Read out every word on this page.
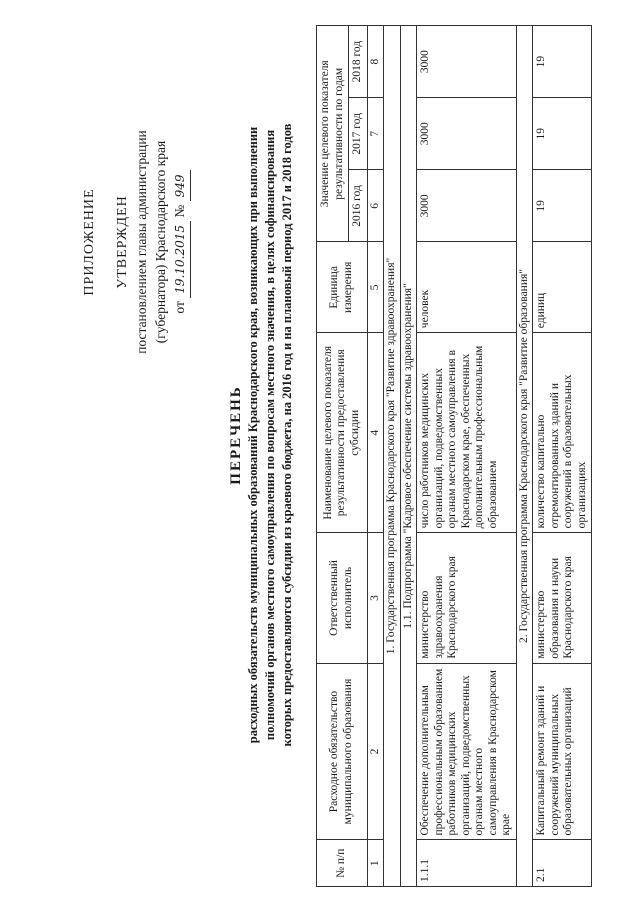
ПРИЛОЖЕНИЕ УТВЕРЖДЕН постановлением главы администрации (губернатора) Краснодарского края от 19.10.2015 № 949
ПЕРЕЧЕНЬ расходных обязательств муниципальных образований Краснодарского края, возникающих при выполнении полномочий органов местного самоуправления по вопросам местного значения, в целях софинансирования которых предоставляются субсидии из краевого бюджета, на 2016 год и на плановый период 2017 и 2018 годов
№ п/п	Расходное обязательство муниципального образования	Ответственный исполнитель	Наименование целевого показателя результативности предоставления субсидии	Единица измерения	Значение целевого показателя результативности по годам		
					2016 год	2017 год	2018 год
1	2	3	4	5	6	7	8
1. Государственная программа Краснодарского края "Развитие здравоохранения"							
1.1. Подпрограмма "Кадровое обеспечение системы здравоохранения"							
1.1.1	Обеспечение дополнительным профессиональным образованием работников медицинских организаций, подведомственных органам местного самоуправления в Краснодарском крае	министерство здравоохранения Краснодарского края	число работников медицинских организаций, подведомственных органам местного самоуправления в Краснодарском крае, обеспеченных дополнительным профессиональным образованием	человек	3000	3000	3000
2. Государственная программа Краснодарского края "Развитие образования"							
2.1	Капитальный ремонт зданий и сооружений муниципальных образовательных организаций	министерство образования и науки Краснодарского края	количество капитально отремонтированных зданий и сооружений в образовательных организациях	единиц	19	19	19
